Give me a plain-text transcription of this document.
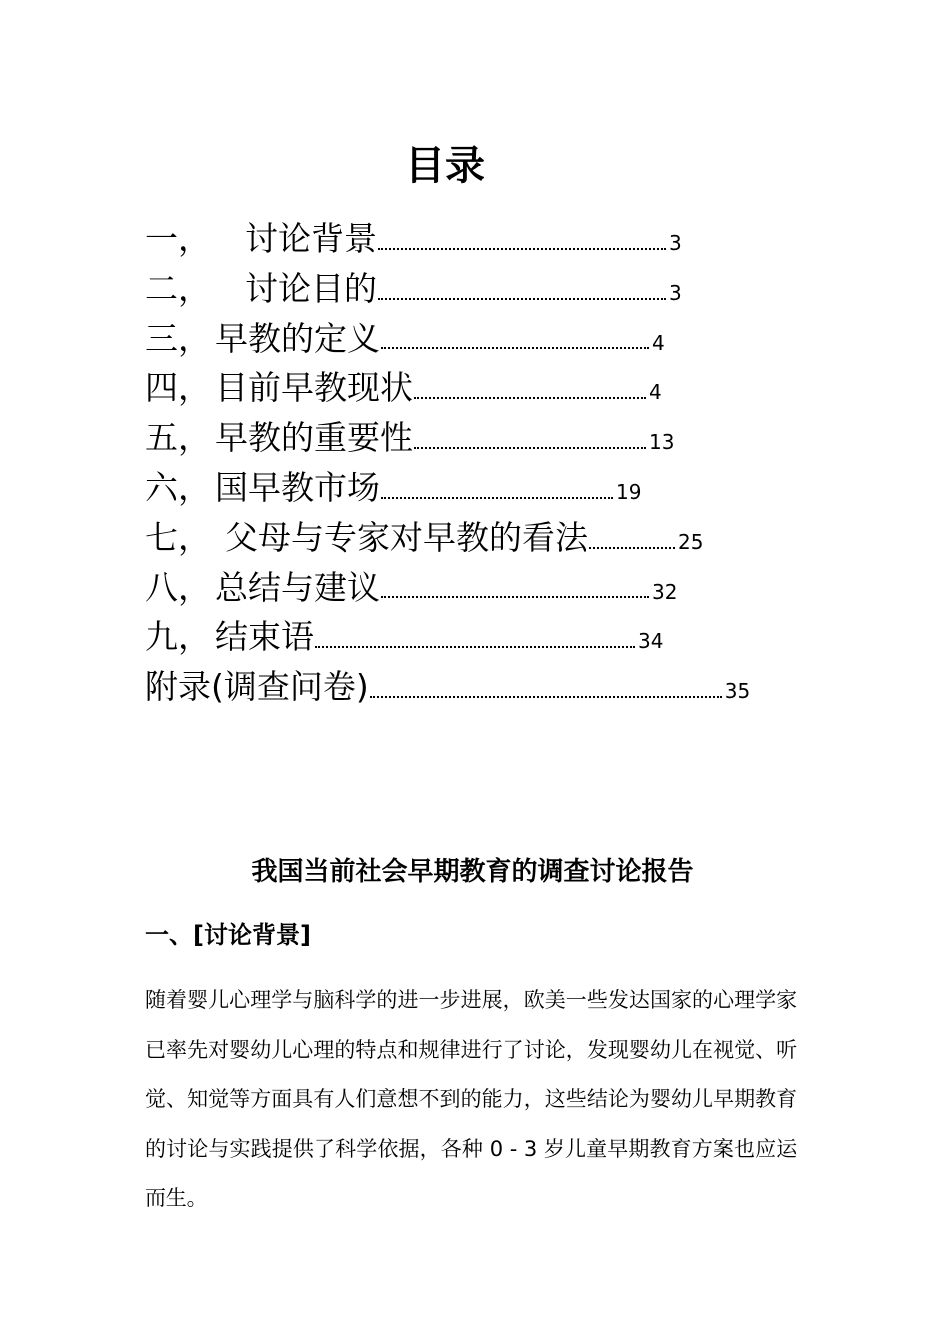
目录
一，	讨论背景	3
二，	讨论目的	3
三， 早教的定义	4
四， 目前早教现状	4
五， 早教的重要性	13
六， 国早教市场	19
七， 父母与专家对早教的看法	25
八， 总结与建议	32
九， 结束语	34
附录(调查问卷)	35
我国当前社会早期教育的调查讨论报告
一、[讨论背景]

随着婴儿心理学与脑科学的进一步进展，欧美一些发达国家的心理学家已率先对婴幼儿心理的特点和规律进行了讨论，发现婴幼儿在视觉、听觉、知觉等方面具有人们意想不到的能力，这些结论为婴幼儿早期教育的讨论与实践提供了科学依据，各种 0 - 3 岁儿童早期教育方案也应运而生。
